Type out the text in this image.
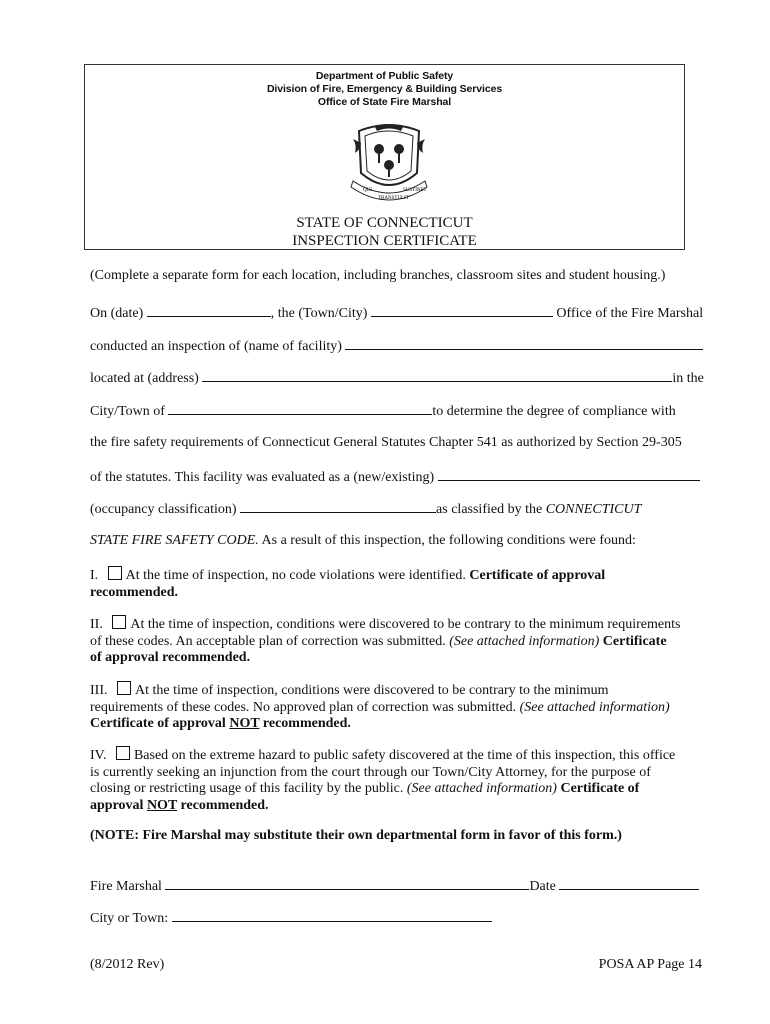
Department of Public Safety
Division of Fire, Emergency & Building Services
Office of State Fire Marshal
QUI
TRANSTULIT
SUSTINET
STATE OF CONNECTICUT
INSPECTION CERTIFICATE
(Complete a separate form for each location, including branches, classroom sites and student housing.)
On (date)	, the (Town/City)	Office of the Fire Marshal
conducted an inspection of (name of facility)
located at (address)	in the
City/Town of	to determine the degree of compliance with
the fire safety requirements of Connecticut General Statutes Chapter 541 as authorized by Section 29-305
of the statutes. This facility was evaluated as a (new/existing)
(occupancy classification)	as classified by the CONNECTICUT
STATE FIRE SAFETY CODE. As a result of this inspection, the following conditions were found:
I. At the time of inspection, no code violations were identified. Certificate of approval
recommended.
II. At the time of inspection, conditions were discovered to be contrary to the minimum requirements
of these codes. An acceptable plan of correction was submitted. (See attached information) Certificate
of approval recommended.
III. At the time of inspection, conditions were discovered to be contrary to the minimum
requirements of these codes. No approved plan of correction was submitted. (See attached information)
Certificate of approval NOT recommended.
IV. Based on the extreme hazard to public safety discovered at the time of this inspection, this office
is currently seeking an injunction from the court through our Town/City Attorney, for the purpose of
closing or restricting usage of this facility by the public. (See attached information) Certificate of
approval NOT recommended.
(NOTE: Fire Marshal may substitute their own departmental form in favor of this form.)
Fire Marshal	Date
City or Town:
(8/2012 Rev)	POSA AP Page 14
